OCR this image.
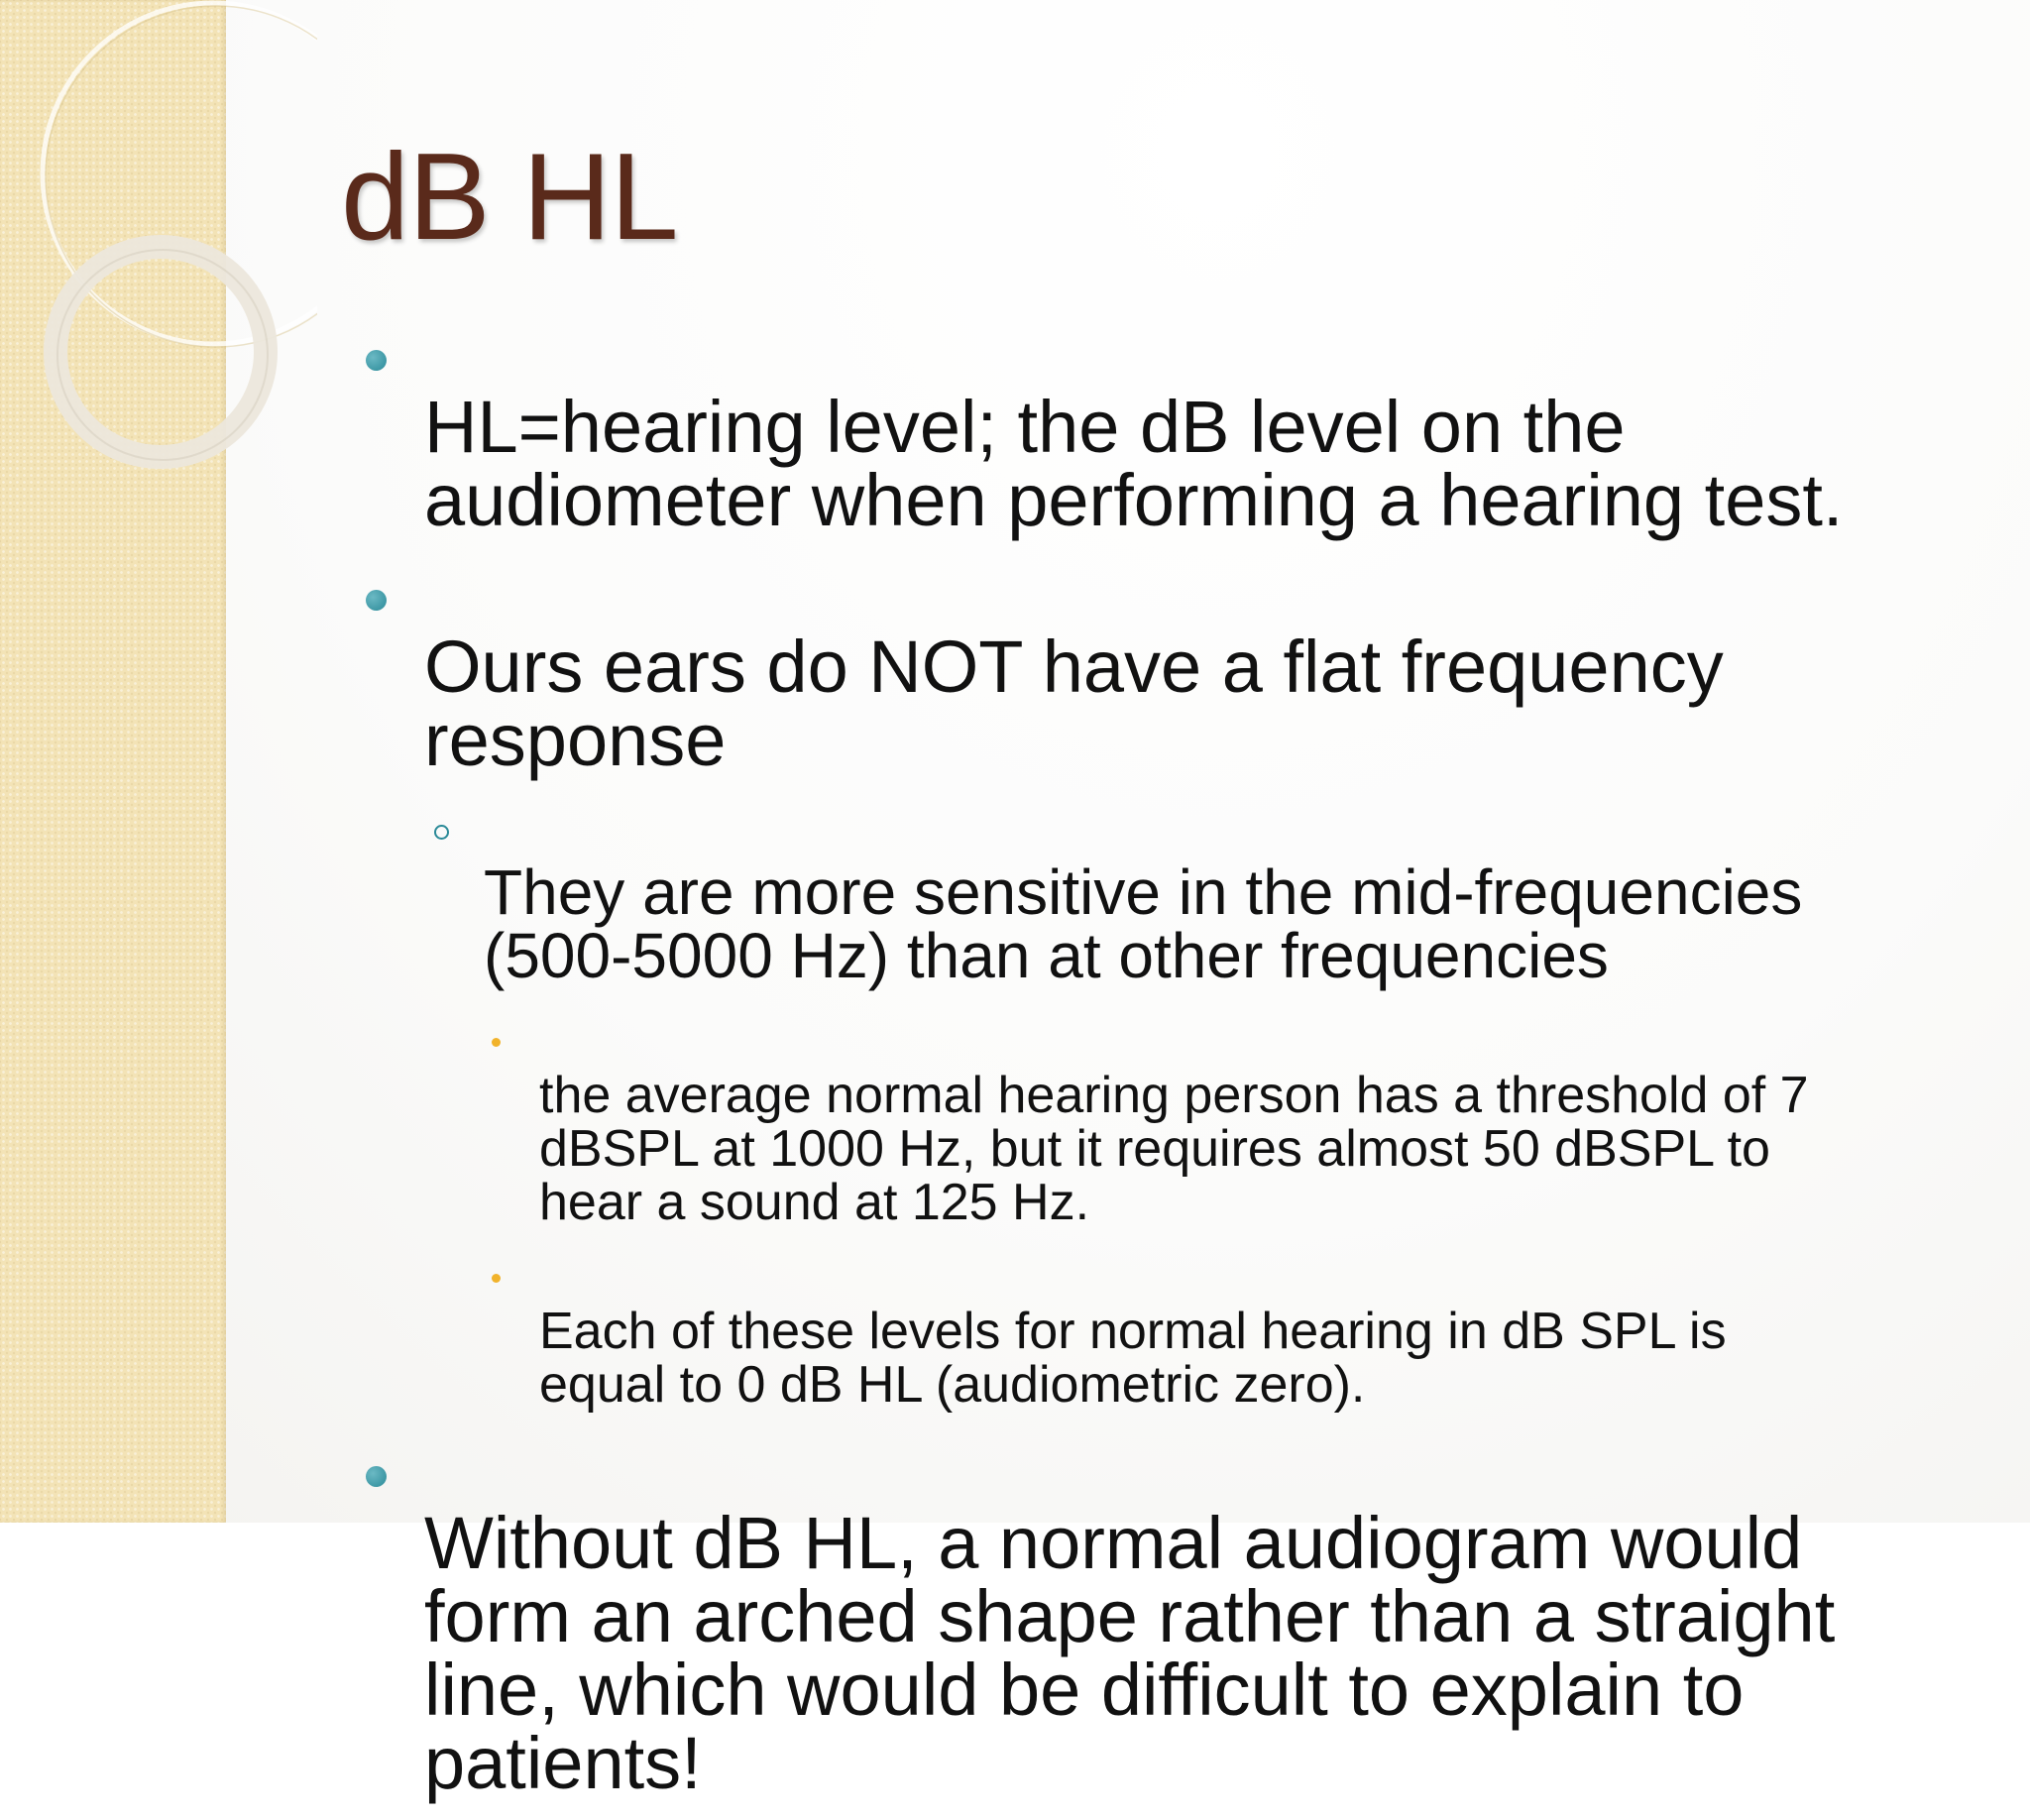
dB HL

HL=hearing level; the dB level on the
audiometer when performing a hearing test.

Ours ears do NOT have a flat frequency
response

They are more sensitive in the mid-frequencies
(500-5000 Hz) than at other frequencies

the average normal hearing person has a threshold of 7
dBSPL at 1000 Hz, but it requires almost 50 dBSPL to
hear a sound at 125 Hz.

Each of these levels for normal hearing in dB SPL is
equal to 0 dB HL (audiometric zero).

Without dB HL, a normal audiogram would
form an arched shape rather than a straight
line, which would be difficult to explain to
patients!
